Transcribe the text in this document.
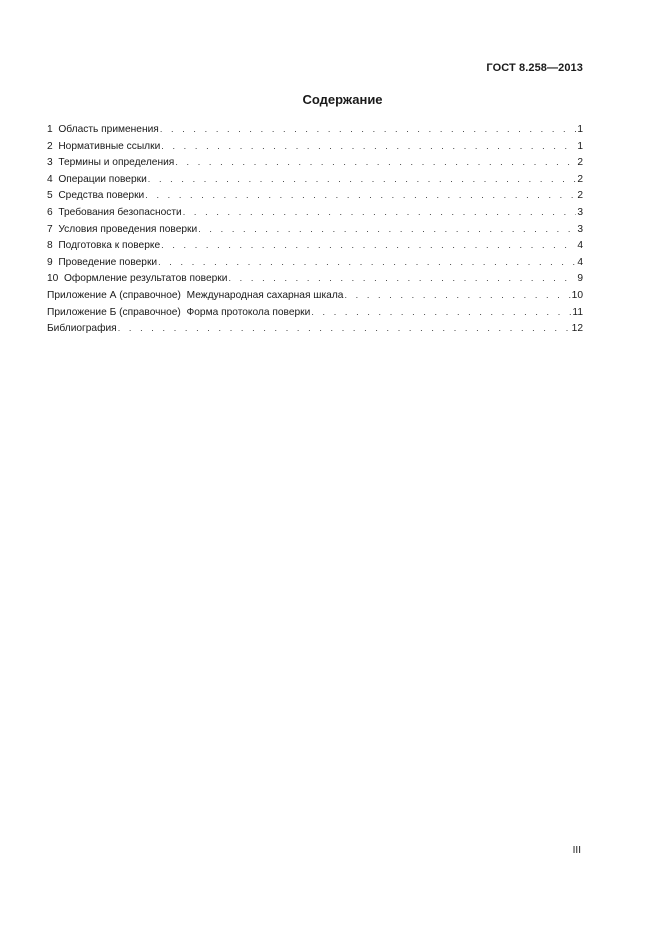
ГОСТ 8.258—2013
Содержание
1  Область применения . . .	1
2  Нормативные ссылки . . .	1
3  Термины и определения . . .	2
4  Операции поверки . . .	2
5  Средства поверки . . .	2
6  Требования безопасности . . .	3
7  Условия проведения поверки . . .	3
8  Подготовка к поверке . . .	4
9  Проведение поверки . . .	4
10  Оформление результатов поверки . . .	9
Приложение А (справочное)  Международная сахарная шкала . . .	10
Приложение Б (справочное)  Форма протокола поверки . . .	11
Библиография . . .	12
III
